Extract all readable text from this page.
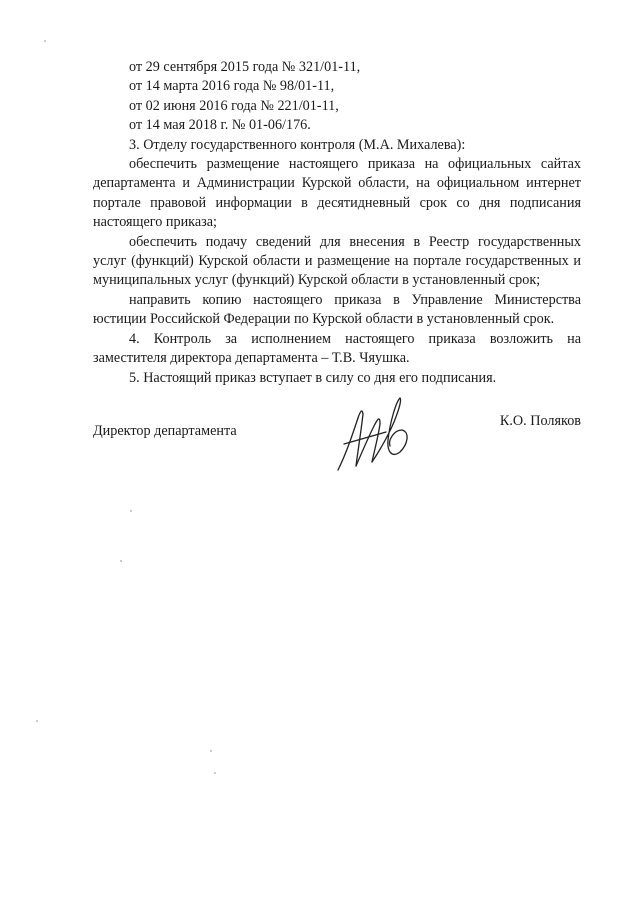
от 29 сентября 2015 года № 321/01-11,
от 14 марта 2016 года № 98/01-11,
от 02 июня 2016 года № 221/01-11,
от 14 мая 2018 г. № 01-06/176.
3. Отделу государственного контроля (М.А. Михалева):

обеспечить размещение настоящего приказа на официальных сайтах департамента и Администрации Курской области, на официальном интернет портале правовой информации в десятидневный срок со дня подписания настоящего приказа;

обеспечить подачу сведений для внесения в Реестр государственных услуг (функций) Курской области и размещение на портале государственных и муниципальных услуг (функций) Курской области в установленный срок;

направить копию настоящего приказа в Управление Министерства юстиции Российской Федерации по Курской области в установленный срок.

4. Контроль за исполнением настоящего приказа возложить на заместителя директора департамента – Т.В. Чяушка.

5. Настоящий приказ вступает в силу со дня его подписания.

Директор департамента
К.О. Поляков
